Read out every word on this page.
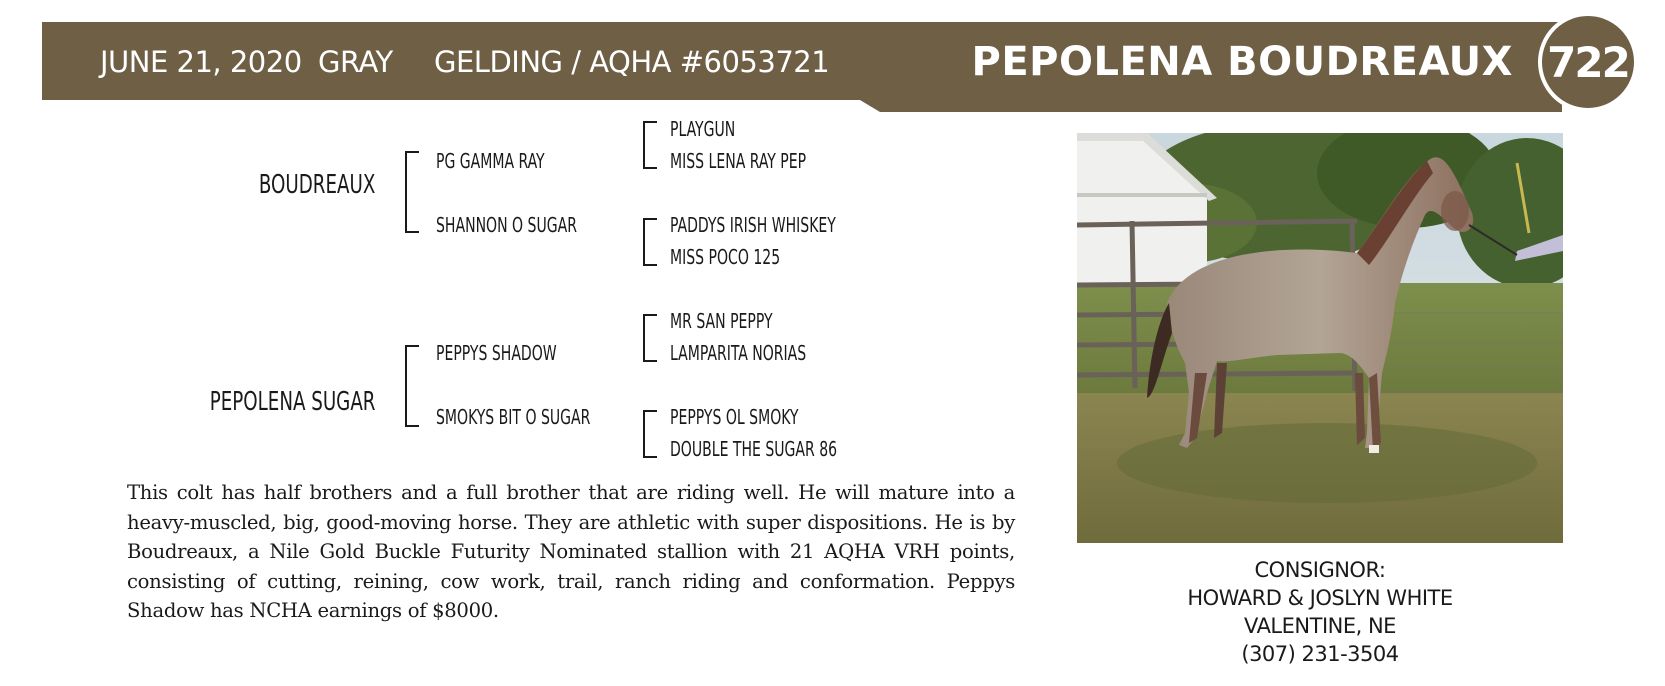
JUNE 21, 2020 GRAY GELDING / AQHA #6053721	PEPOLENA BOUDREAUX 722
BOUDREAUX
PG GAMMA RAY
SHANNON O SUGAR
PLAYGUN
MISS LENA RAY PEP
PADDYS IRISH WHISKEY
MISS POCO 125
PEPOLENA SUGAR
PEPPYS SHADOW
SMOKYS BIT O SUGAR
MR SAN PEPPY
LAMPARITA NORIAS
PEPPYS OL SMOKY
DOUBLE THE SUGAR 86
This colt has half brothers and a full brother that are riding well. He will mature into a heavy-muscled, big, good-moving horse. They are athletic with super dispositions. He is by Boudreaux, a Nile Gold Buckle Futurity Nominated stallion with 21 AQHA VRH points, consisting of cutting, reining, cow work, trail, ranch riding and conformation. Peppys Shadow has NCHA earnings of $8000.
CONSIGNOR:
HOWARD & JOSLYN WHITE
VALENTINE, NE
(307) 231-3504
